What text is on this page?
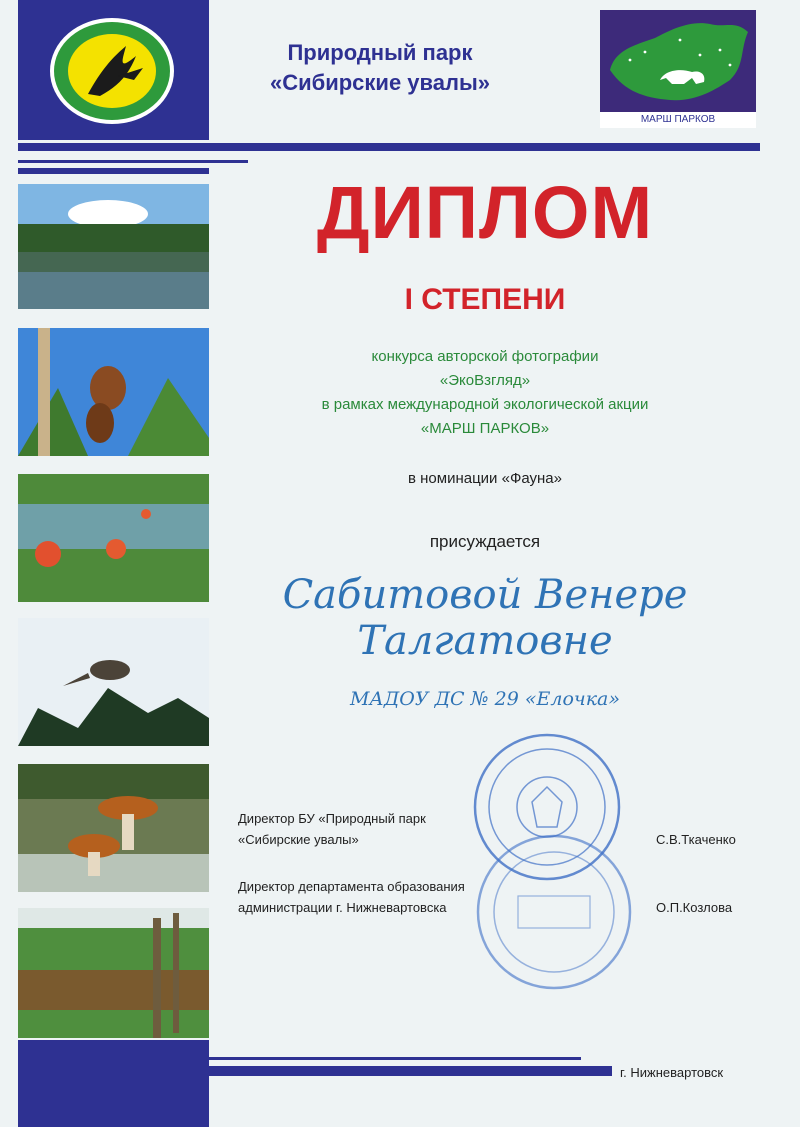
Природный парк
«Сибирские увалы»
МАРШ ПАРКОВ
ДИПЛОМ
I СТЕПЕНИ
конкурса авторской фотографии
«ЭкоВзгляд»
в рамках международной экологической акции
«МАРШ ПАРКОВ»
в номинации «Фауна»
присуждается
Сабитовой Венере
Талгатовне
МАДОУ ДС № 29 «Елочка»
Директор БУ «Природный парк
«Сибирские увалы»	С.В.Ткаченко
Директор департамента образования
администрации г. Нижневартовска	О.П.Козлова
г. Нижневартовск
